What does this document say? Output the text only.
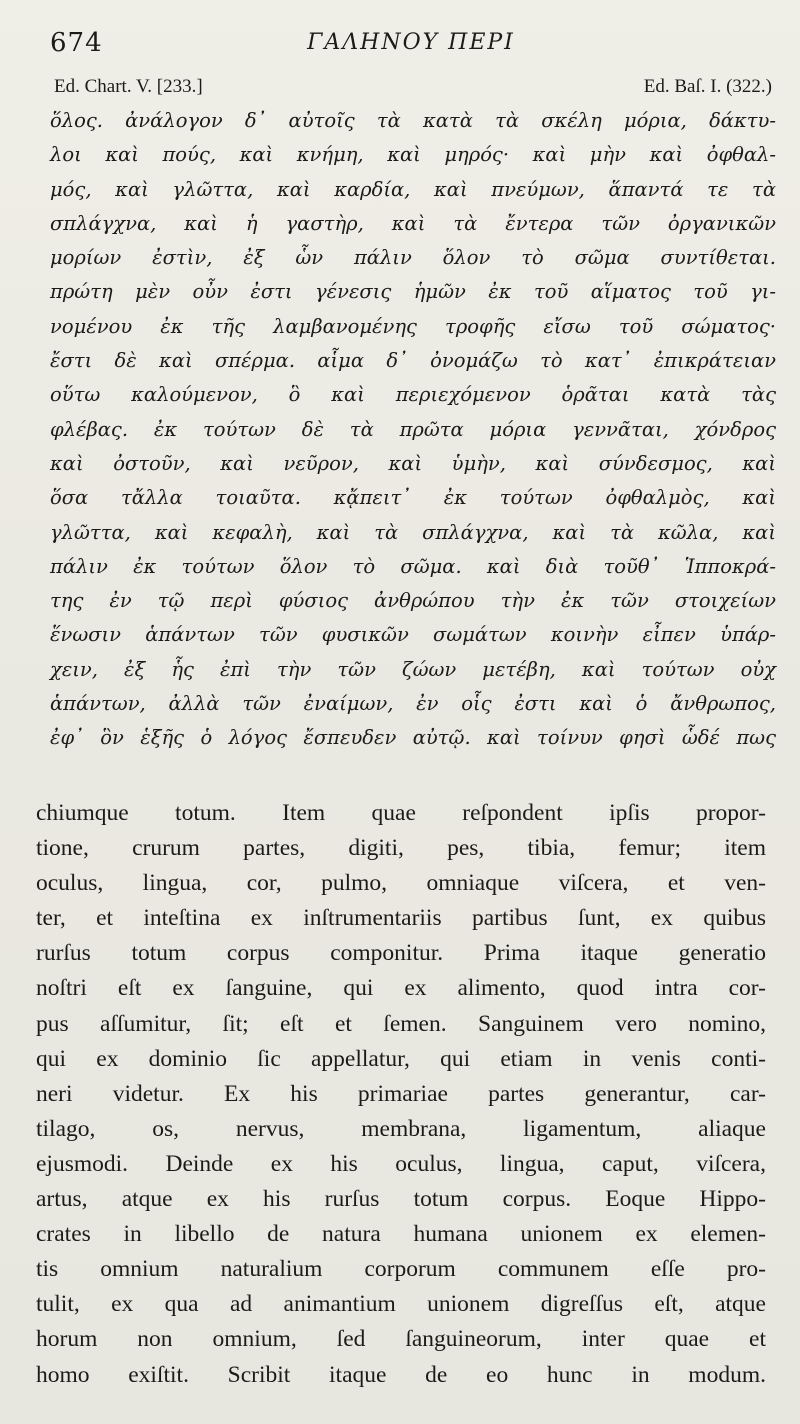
674	ΓΑΛΗΝΟΥ ΠΕΡΙ
Ed. Chart. V. [233.]	Ed. Baſ. I. (322.)
ὅλος. ἀνάλογον δ᾽ αὐτοῖς τὰ κατὰ τὰ σκέλη μόρια, δάκτυ-
λοι καὶ πούς, καὶ κνήμη, καὶ μηρός· καὶ μὴν καὶ ὀφθαλ-
μός, καὶ γλῶττα, καὶ καρδία, καὶ πνεύμων, ἅπαντά τε τὰ
σπλάγχνα, καὶ ἡ γαστὴρ, καὶ τὰ ἔντερα τῶν ὀργανικῶν
μορίων ἐστὶν, ἐξ ὧν πάλιν ὅλον τὸ σῶμα συντίθεται.
πρώτη μὲν οὖν ἐστι γένεσις ἡμῶν ἐκ τοῦ αἵματος τοῦ γι-
νομένου ἐκ τῆς λαμβανομένης τροφῆς εἴσω τοῦ σώματος·
ἔστι δὲ καὶ σπέρμα. αἷμα δ᾽ ὀνομάζω τὸ κατ᾽ ἐπικράτειαν
οὕτω καλούμενον, ὃ καὶ περιεχόμενον ὁρᾶται κατὰ τὰς
φλέβας. ἐκ τούτων δὲ τὰ πρῶτα μόρια γεννᾶται, χόνδρος
καὶ ὀστοῦν, καὶ νεῦρον, καὶ ὑμὴν, καὶ σύνδεσμος, καὶ
ὅσα τἄλλα τοιαῦτα. κᾄπειτ᾽ ἐκ τούτων ὀφθαλμὸς, καὶ
γλῶττα, καὶ κεφαλὴ, καὶ τὰ σπλάγχνα, καὶ τὰ κῶλα, καὶ
πάλιν ἐκ τούτων ὅλον τὸ σῶμα. καὶ διὰ τοῦθ᾽ Ἱπποκρά-
της ἐν τῷ περὶ φύσιος ἀνθρώπου τὴν ἐκ τῶν στοιχείων
ἕνωσιν ἁπάντων τῶν φυσικῶν σωμάτων κοινὴν εἶπεν ὑπάρ-
χειν, ἐξ ἧς ἐπὶ τὴν τῶν ζώων μετέβη, καὶ τούτων οὐχ
ἁπάντων, ἀλλὰ τῶν ἐναίμων, ἐν οἷς ἐστι καὶ ὁ ἄνθρωπος,
ἐφ᾽ ὃν ἑξῆς ὁ λόγος ἔσπευδεν αὐτῷ. καὶ τοίνυν φησὶ ὧδέ πως
chiumque totum. Item quae reſpondent ipſis propor-
tione, crurum partes, digiti, pes, tibia, femur; item
oculus, lingua, cor, pulmo, omniaque viſcera, et ven-
ter, et inteſtina ex inſtrumentariis partibus ſunt, ex quibus
rurſus totum corpus componitur. Prima itaque generatio
noſtri eſt ex ſanguine, qui ex alimento, quod intra cor-
pus aſſumitur, ſit; eſt et ſemen. Sanguinem vero nomino,
qui ex dominio ſic appellatur, qui etiam in venis conti-
neri videtur. Ex his primariae partes generantur, car-
tilago, os, nervus, membrana, ligamentum, aliaque
ejusmodi. Deinde ex his oculus, lingua, caput, viſcera,
artus, atque ex his rurſus totum corpus. Eoque Hippo-
crates in libello de natura humana unionem ex elemen-
tis omnium naturalium corporum communem eſſe pro-
tulit, ex qua ad animantium unionem digreſſus eſt, atque
horum non omnium, ſed ſanguineorum, inter quae et
homo exiſtit. Scribit itaque de eo hunc in modum.
